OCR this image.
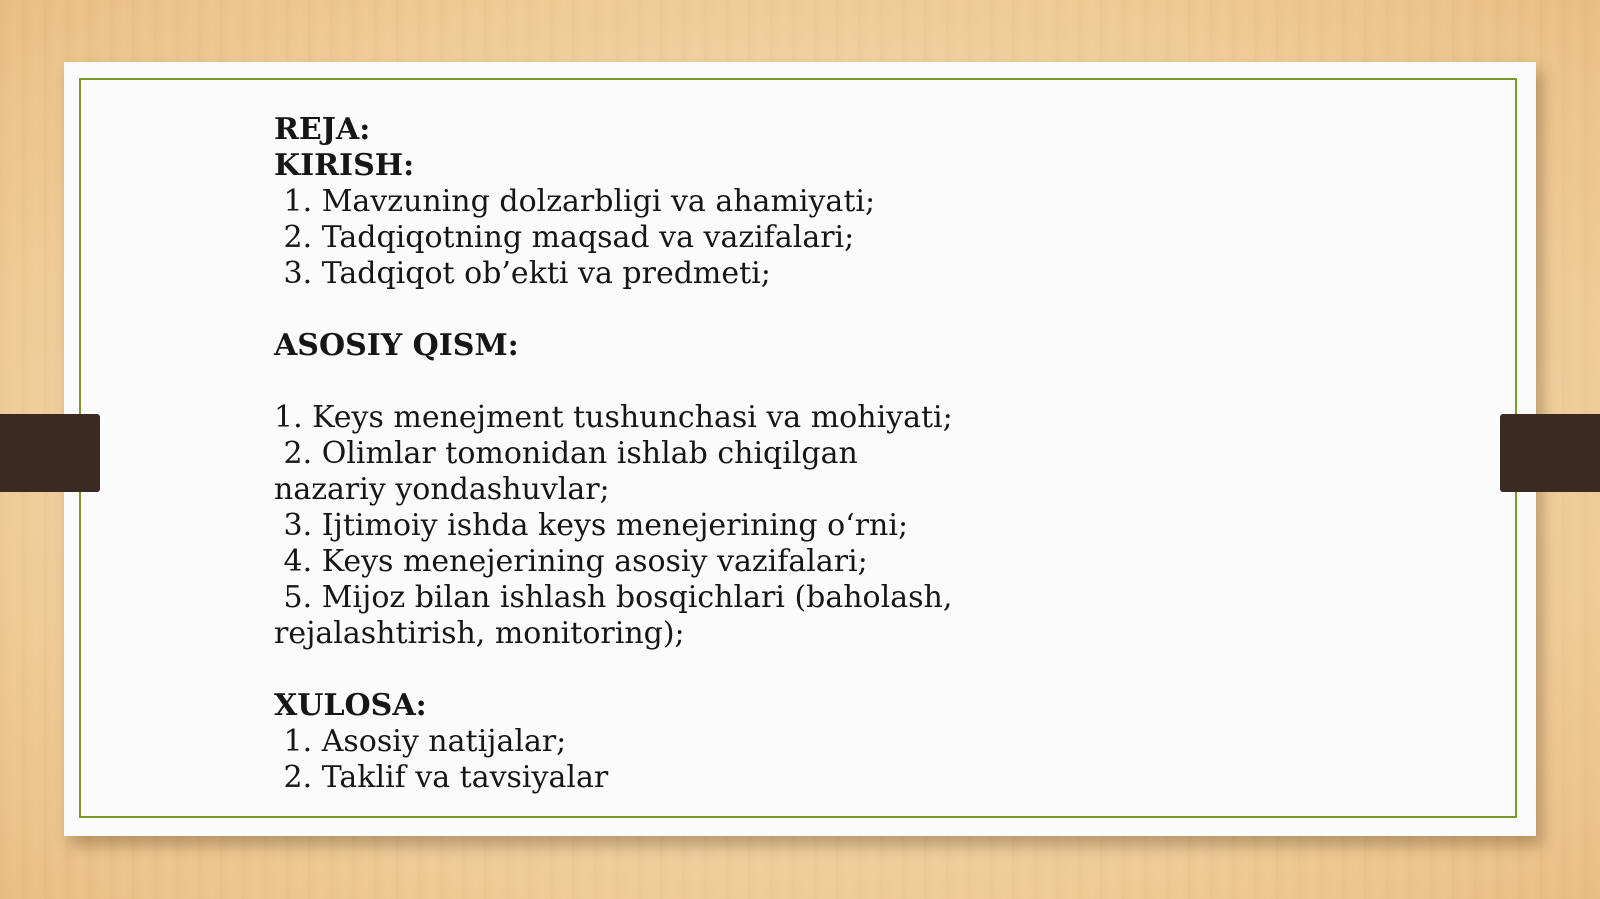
REJA:
KIRISH:
1. Mavzuning dolzarbligi va ahamiyati;
2. Tadqiqotning maqsad va vazifalari;
3. Tadqiqot ob’ekti va predmeti;
ASOSIY QISM:
1. Keys menejment tushunchasi va mohiyati;
2. Olimlar tomonidan ishlab chiqilgan nazariy yondashuvlar;
3. Ijtimoiy ishda keys menejerining o‘rni;
4. Keys menejerining asosiy vazifalari;
5. Mijoz bilan ishlash bosqichlari (baholash, rejalashtirish, monitoring);
XULOSA:
1. Asosiy natijalar;
2. Taklif va tavsiyalar
